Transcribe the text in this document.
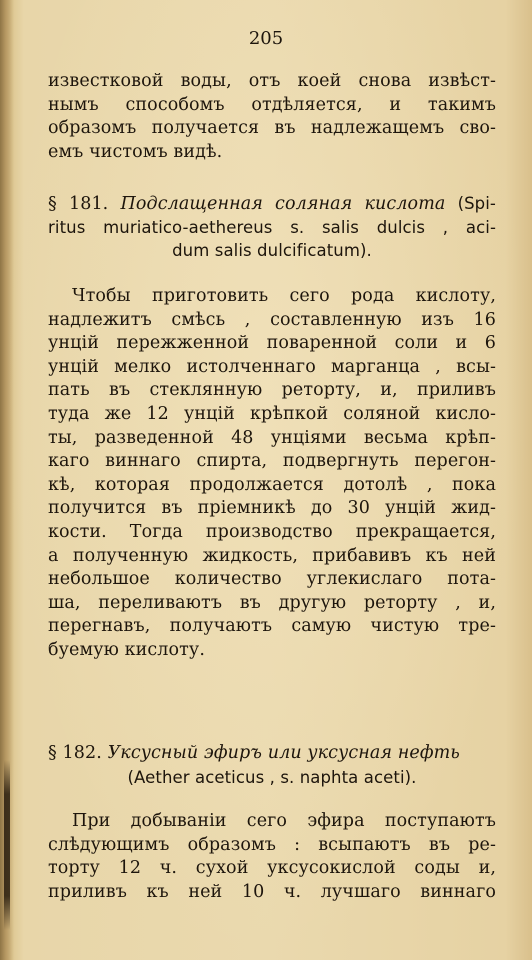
205
известковой воды, отъ коей снова извѣст-
нымъ способомъ отдѣляется, и такимъ
образомъ получается въ надлежащемъ сво-
емъ чистомъ видѣ.
§ 181. Подслащенная соляная кислота (Spi-
ritus muriatico-aethereus s. salis dulcis , aci-
dum salis dulcificatum).
Чтобы приготовить сего рода кислоту,
надлежитъ смѣсь , составленную изъ 16
унцій пережженной поваренной соли и 6
унцій мелко истолченнаго марганца , всы-
пать въ стеклянную реторту, и, приливъ
туда же 12 унцій крѣпкой соляной кисло-
ты, разведенной 48 унціями весьма крѣп-
каго виннаго спирта, подвергнуть перегон-
кѣ, которая продолжается дотолѣ , пока
получится въ пріемникѣ до 30 унцій жид-
кости. Тогда производство прекращается,
а полученную жидкость, прибавивъ къ ней
небольшое количество углекислаго пота-
ша, переливаютъ въ другую реторту , и,
перегнавъ, получаютъ самую чистую тре-
буемую кислоту.
§ 182. Уксусный эфиръ или уксусная нефть
(Aether aceticus , s. naphta aceti).
При добываніи сего эфира поступаютъ
слѣдующимъ образомъ : всыпаютъ въ ре-
торту 12 ч. сухой уксусокислой соды и,
приливъ къ ней 10 ч. лучшаго виннаго
